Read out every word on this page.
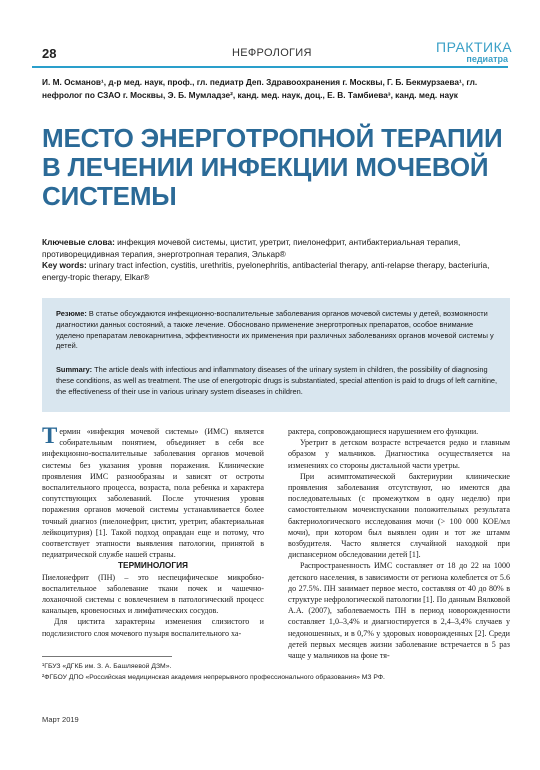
28	НЕФРОЛОГИЯ	ПРАКТИКА
педиатра
И. М. Османов¹, д-р мед. наук, проф., гл. педиатр Деп. Здравоохранения г. Москвы, Г. Б. Бекмурзаева¹, гл. нефролог по СЗАО г. Москвы, Э. Б. Мумладзе², канд. мед. наук, доц., Е. В. Тамбиева³, канд. мед. наук
МЕСТО ЭНЕРГОТРОПНОЙ ТЕРАПИИ В ЛЕЧЕНИИ ИНФЕКЦИИ МОЧЕВОЙ СИСТЕМЫ
Ключевые слова: инфекция мочевой системы, цистит, уретрит, пиелонефрит, антибактериальная терапия, противорецидивная терапия, энерготропная терапия, Элькар®
Key words: urinary tract infection, cystitis, urethritis, pyelonephritis, antibacterial therapy, anti-relapse therapy, bacteriuria, energy-tropic therapy, Elkar®
Резюме: В статье обсуждаются инфекционно-воспалительные заболевания органов мочевой системы у детей, возможности диагностики данных состояний, а также лечение. Обосновано применение энерготропных препаратов, особое внимание уделено препаратам левокарнитина, эффективности их применения при различных заболеваниях органов мочевой системы у детей.
Summary: The article deals with infectious and inflammatory diseases of the urinary system in children, the possibility of diagnosing these conditions, as well as treatment. The use of energotropic drugs is substantiated, special attention is paid to drugs of left carnitine, the effectiveness of their use in various urinary system diseases in children.

Термин «инфекция мочевой системы» (ИМС) является собирательным понятием, объединяет в себя все инфекционно-воспалительные заболевания органов мочевой системы без указания уровня поражения. Клинические проявления ИМС разнообразны и зависят от остроты воспалительного процесса, возраста, пола ребенка и характера сопутствующих заболеваний. После уточнения уровня поражения органов мочевой системы устанавливается более точный диагноз (пиелонефрит, цистит, уретрит, абактериальная лейкоцитурия) [1]. Такой подход оправдан еще и потому, что соответствует этапности выявления патологии, принятой в педиатрической службе нашей страны.

ТЕРМИНОЛОГИЯ

Пиелонефрит (ПН) – это неспецифическое микробно-воспалительное заболевание ткани почек и чашечно-лоханочной системы с вовлечением в патологический процесс канальцев, кровеносных и лимфатических сосудов.

Для цистита характерны изменения слизистого и подслизистого слоя мочевого пузыря воспалительного ха-

рактера, сопровождающиеся нарушением его функции.

Уретрит в детском возрасте встречается редко и главным образом у мальчиков. Диагностика осуществляется на изменениях со стороны дистальной части уретры.

При асимптоматической бактериурии клинические проявления заболевания отсутствуют, но имеются два последовательных (с промежутком в одну неделю) при самостоятельном мочеиспускании положительных результата бактериологического исследования мочи (> 100 000 КОЕ/мл мочи), при котором был выявлен один и тот же штамм возбудителя. Часто является случайной находкой при диспансерном обследовании детей [1].

Распространенность ИМС составляет от 18 до 22 на 1000 детского населения, в зависимости от региона колеблется от 5.6 до 27.5%. ПН занимает первое место, составляя от 40 до 80% в структуре нефрологической патологии [1]. По данным Вялковой А.А. (2007), заболеваемость ПН в период новорожденности составляет 1,0–3,4% и диагностируется в 2,4–3,4% случаев у недоношенных, и в 0,7% у здоровых новорожденных [2]. Среди детей первых месяцев жизни заболевание встречается в 5 раз чаще у мальчиков на фоне тя-

¹ГБУЗ «ДГКБ им. З. А. Башляевой ДЗМ».
²ФГБОУ ДПО «Российская медицинская академия непрерывного профессионального образования» МЗ РФ.
Март 2019
